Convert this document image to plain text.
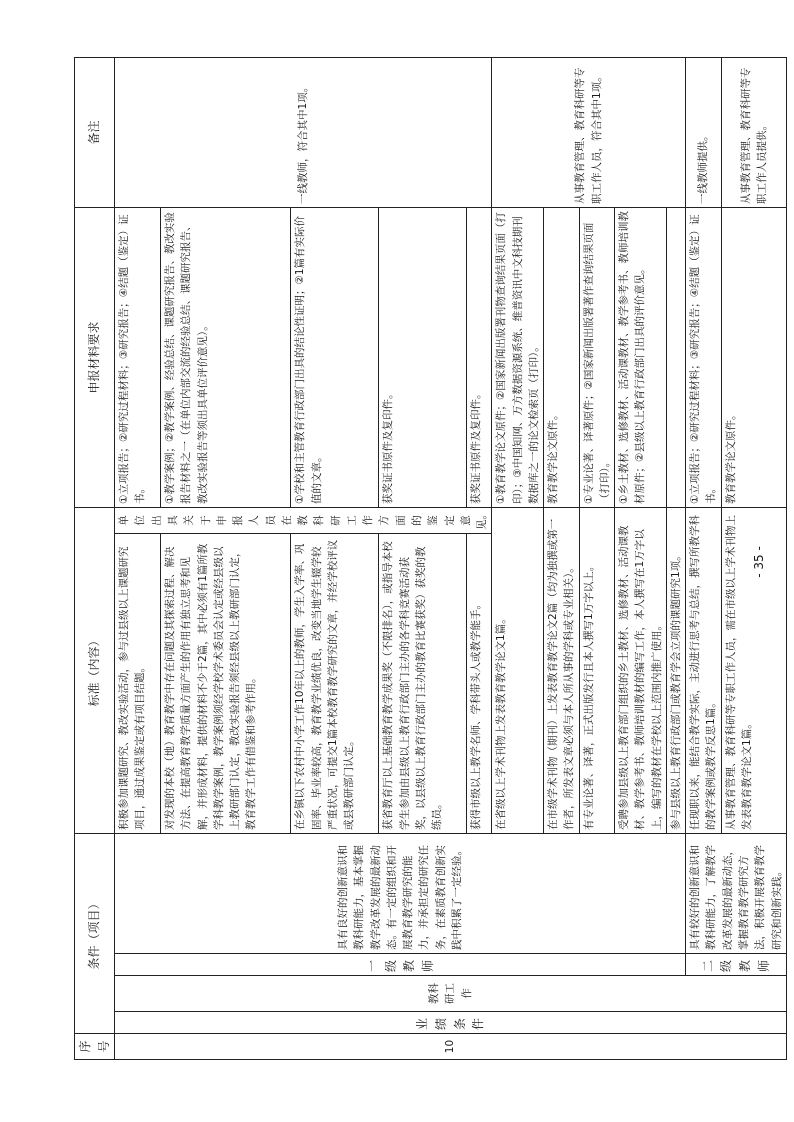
序号	条件（项目）				标准（内容）		申报材料要求	备注
10	业绩条件	教科研工作	一级教师	具有良好的创新意识和教科研能力，基本掌握教学改革发展的最新动态。有一定的组织和开展教育教学研究的能力，并承担定的研究任务，在素质教育创新实践中积累了一定经验。	积极参加课题研究、教改实验活动，参与过县级以上课题研究项目，通过成果鉴定或有项目结题。	单位出具关于申报人员在教科研工作方面的鉴定意见。	①立项报告；②研究过程材料；③研究报告；④结题（鉴定）证书。	一线教师，符合其中1项。
					对发现的本校（地）教育教学中存在问题及其探索过程、解决方法、在提高教育教学质量方面产生的作用有独立思考和见解，并形成材料，提供的材料不少于2篇，其中必须有1篇所教学科教学案例，教学案例须经学校学术委员会认定或经县级以上教研部门认定，教改实验报告须经县级以上教研部门认定，教育教学工作有借鉴和参考作用。		①教学案例；②教学案例、经验总结、课题研究报告、教改实验报告材料之一（在单位内部交流的经验总结、课题研究报告、教改实验报告等须出具单位评价意见）。	
					在乡镇以下农村中小学工作10年以上的教师，学生入学率、巩固率、毕业率较高，教育教学业绩优良，改变当地学生辍学较严重状况，可提交1篇本校教育教学研究的文章，并经学校评议或县教研部门认定。		①学校和主管教育行政部门出具的结论性证明；②1篇有实际价值的文章。	
					获省教育厅以上基础教育教学成果奖（不限排名），或指导本校学生参加由县级以上教育行政部门主办的各学科竞赛活动获奖，以县级以上教育行政部门主办的教育比赛获奖）获奖的教练员。		获奖证书原件及复印件。	
					获得市级以上教学名师、学科带头人或教学能手。		获奖证书原件及复印件。	
					在省级以上学术刊物上发表教育教学论文1篇。		①教育教学论文原件；②国家新闻出版署刊物查询结果页面（打印）；③中国知网、万方数据资源系统、维普资讯中文科技期刊数据库之一的论文检索页（打印）。	从事教育管理、教育科研等专职工作人员，符合其中1项。
					在市级学术刊物（期刊）上发表教育教学论文2篇（均为独撰或第一作者，所发表文章必须与本人所从事的学科或专业相关）。		教育教学论文原件。	
					有专业论著、译著，正式出版发行且本人撰写1万字以上。		①专业论著、译著原件；②国家新闻出版署著作查询结果页面（打印）。	
					受聘参加县级以上教育部门组织的乡土教材、选修教材、活动课教材、教学参考书、教师培训教材的编写工作，本人撰写在1万字以上，编写的教材在学校以上范围内推广使用。		①乡土教材、选修教材、活动课教材、教学参考书、教师培训教材原件；②县级以上教育行政部门出具的评价意见。	
					参与县级以上教育行政部门或教育学会立项的课题研究1项。			
			二级教师	具有较好的创新意识和教科研能力，了解教学改革发展的最新动态，掌握教育教学研究方法，积极开展教育教学研究和创新实践。	任现职以来，能结合教学实际，主动进行思考与总结，撰写所教学科的教学案例或教学反思1篇。		①立项报告；②研究过程材料；③研究报告；④结题（鉴定）证书。	一线教师提供。
					从事教育管理、教育科研等专职工作人员，需在市级以上学术刊物上发表教育教学论文1篇。		教育教学论文原件。	从事教育管理、教育科研等专职工作人员提供。

- 35 -
